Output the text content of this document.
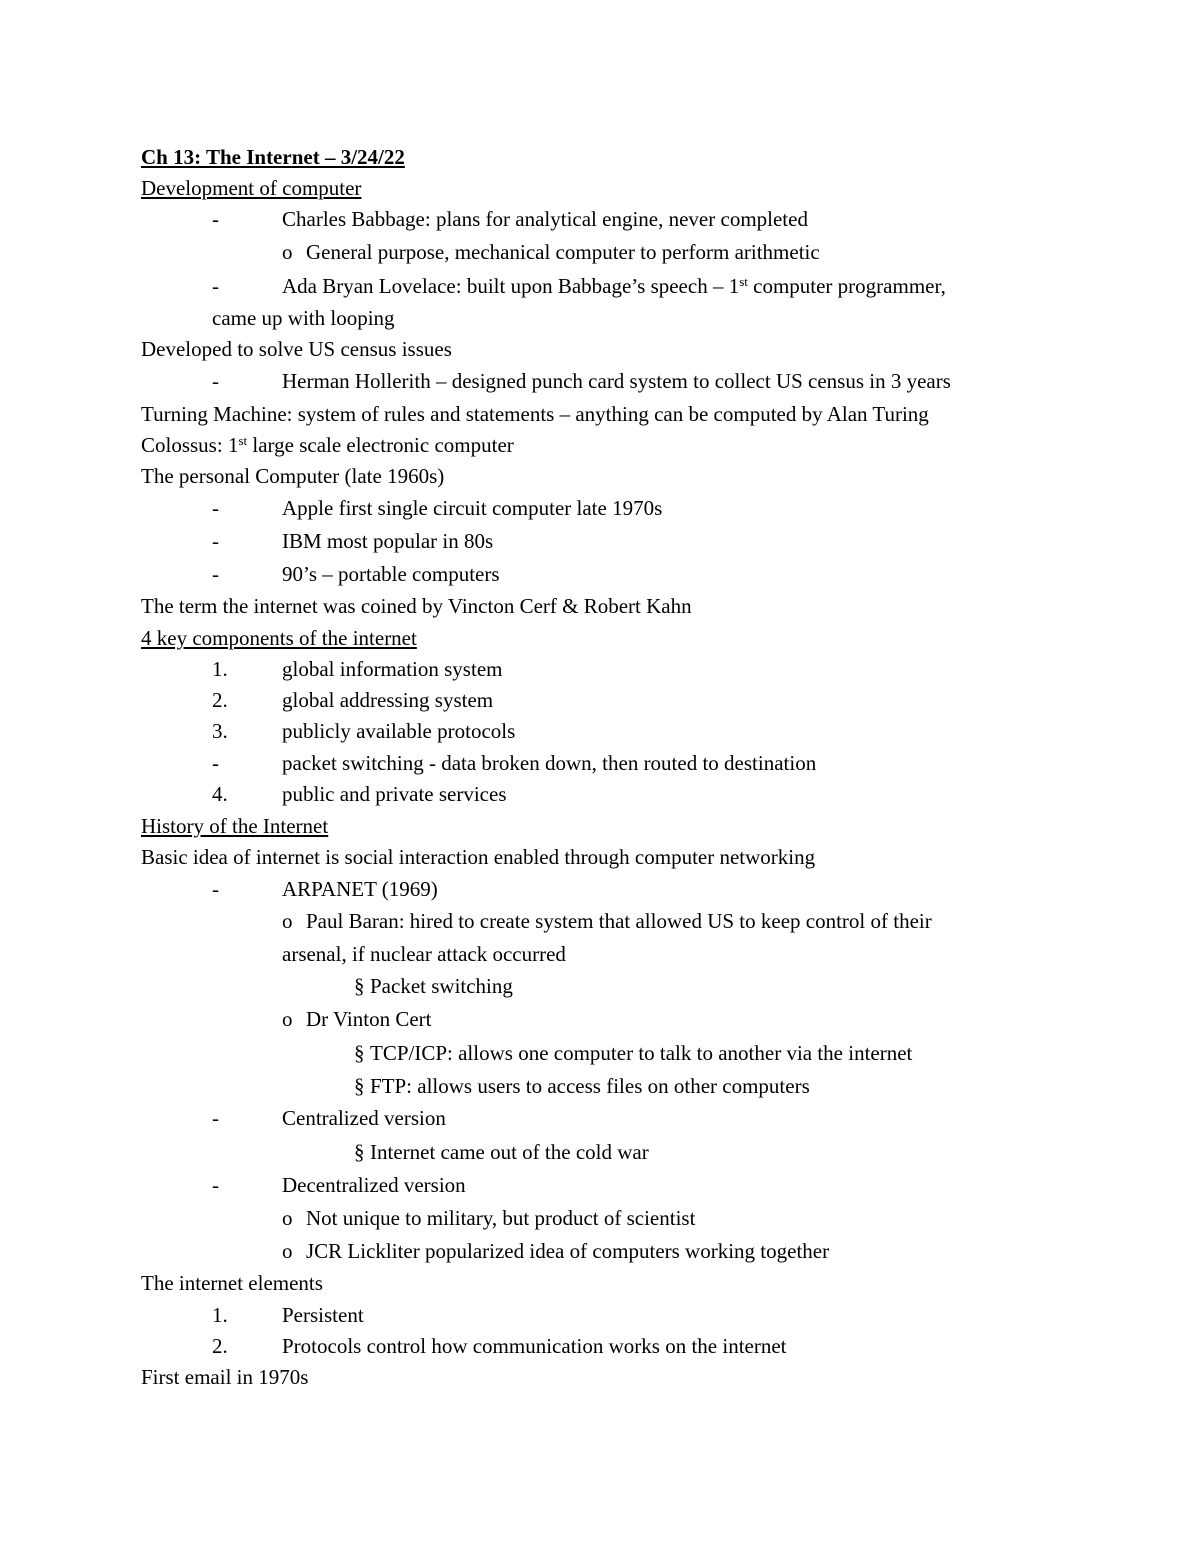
Ch 13: The Internet – 3/24/22
Development of computer
-	Charles Babbage: plans for analytical engine, never completed
o General purpose, mechanical computer to perform arithmetic
-	Ada Bryan Lovelace: built upon Babbage’s speech – 1st computer programmer,
came up with looping
Developed to solve US census issues
-	Herman Hollerith – designed punch card system to collect US census in 3 years
Turning Machine: system of rules and statements – anything can be computed by Alan Turing
Colossus: 1st large scale electronic computer
The personal Computer (late 1960s)
-	Apple first single circuit computer late 1970s
-	IBM most popular in 80s
-	90’s – portable computers
The term the internet was coined by Vincton Cerf & Robert Kahn
4 key components of the internet
1.	global information system
2.	global addressing system
3.	publicly available protocols
-	packet switching - data broken down, then routed to destination
4.	public and private services
History of the Internet
Basic idea of internet is social interaction enabled through computer networking
-	ARPANET (1969)
o Paul Baran: hired to create system that allowed US to keep control of their
arsenal, if nuclear attack occurred
§ Packet switching
o Dr Vinton Cert
§ TCP/ICP: allows one computer to talk to another via the internet
§ FTP: allows users to access files on other computers
-	Centralized version
§ Internet came out of the cold war
-	Decentralized version
o Not unique to military, but product of scientist
o JCR Lickliter popularized idea of computers working together
The internet elements
1.	Persistent
2.	Protocols control how communication works on the internet
First email in 1970s
